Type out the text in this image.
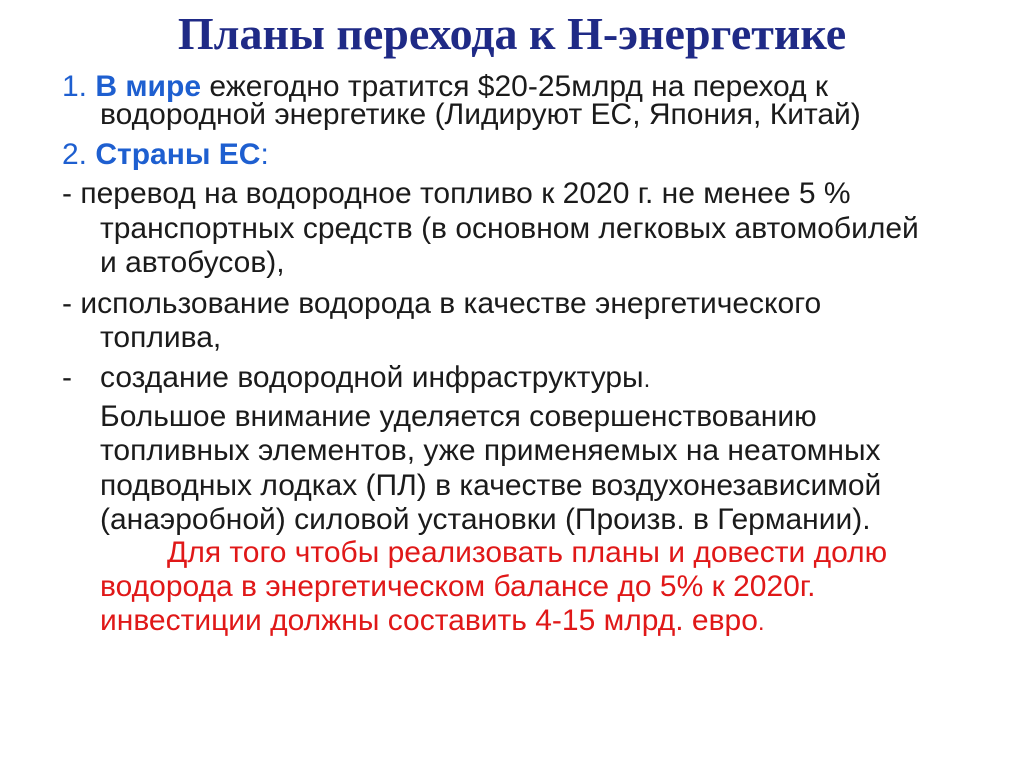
Планы перехода к Н-энергетике
1. В мире ежегодно тратится $20-25млрд на переход к
водородной энергетике (Лидируют ЕС, Япония, Китай)
2. Страны ЕС:
- перевод на водородное топливо к 2020 г. не менее 5 %
транспортных средств (в основном легковых автомобилей
и автобусов),
- использование водорода в качестве энергетического
топлива,
- создание водородной инфраструктуры.
Большое внимание уделяется совершенствованию
топливных элементов, уже применяемых на неатомных
подводных лодках (ПЛ) в качестве воздухонезависимой
(анаэробной) силовой установки (Произв. в Германии).
Для того чтобы реализовать планы и довести долю
водорода в энергетическом балансе до 5% к 2020г.
инвестиции должны составить 4-15 млрд. евро.
